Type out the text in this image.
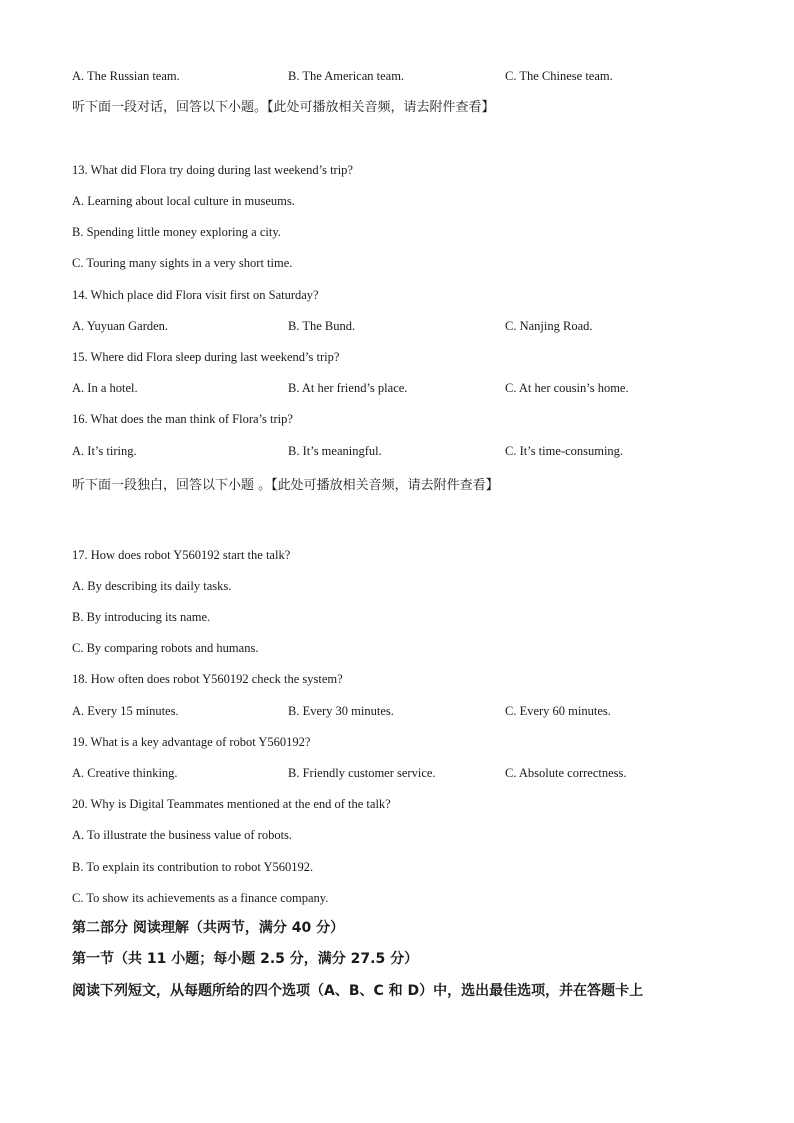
A. The Russian team.	B. The American team.	C. The Chinese team.
听下面一段对话，回答以下小题。【此处可播放相关音频，请去附件查看】
13. What did Flora try doing during last weekend’s trip?
A. Learning about local culture in museums.
B. Spending little money exploring a city.
C. Touring many sights in a very short time.
14. Which place did Flora visit first on Saturday?
A. Yuyuan Garden.	B. The Bund.	C. Nanjing Road.
15. Where did Flora sleep during last weekend’s trip?
A. In a hotel.	B. At her friend’s place.	C. At her cousin’s home.
16. What does the man think of Flora’s trip?
A. It’s tiring.	B. It’s meaningful.	C. It’s time-consuming.
听下面一段独白，回答以下小题 。【此处可播放相关音频，请去附件查看】
17. How does robot Y560192 start the talk?
A. By describing its daily tasks.
B. By introducing its name.
C. By comparing robots and humans.
18. How often does robot Y560192 check the system?
A. Every 15 minutes.	B. Every 30 minutes.	C. Every 60 minutes.
19. What is a key advantage of robot Y560192?
A. Creative thinking.	B. Friendly customer service.	C. Absolute correctness.
20. Why is Digital Teammates mentioned at the end of the talk?
A. To illustrate the business value of robots.
B. To explain its contribution to robot Y560192.
C. To show its achievements as a finance company.
第二部分 阅读理解（共两节，满分 40 分）
第一节（共 11 小题；每小题 2.5 分，满分 27.5 分）
阅读下列短文，从每题所给的四个选项（A、B、C 和 D）中，选出最佳选项，并在答题卡上
